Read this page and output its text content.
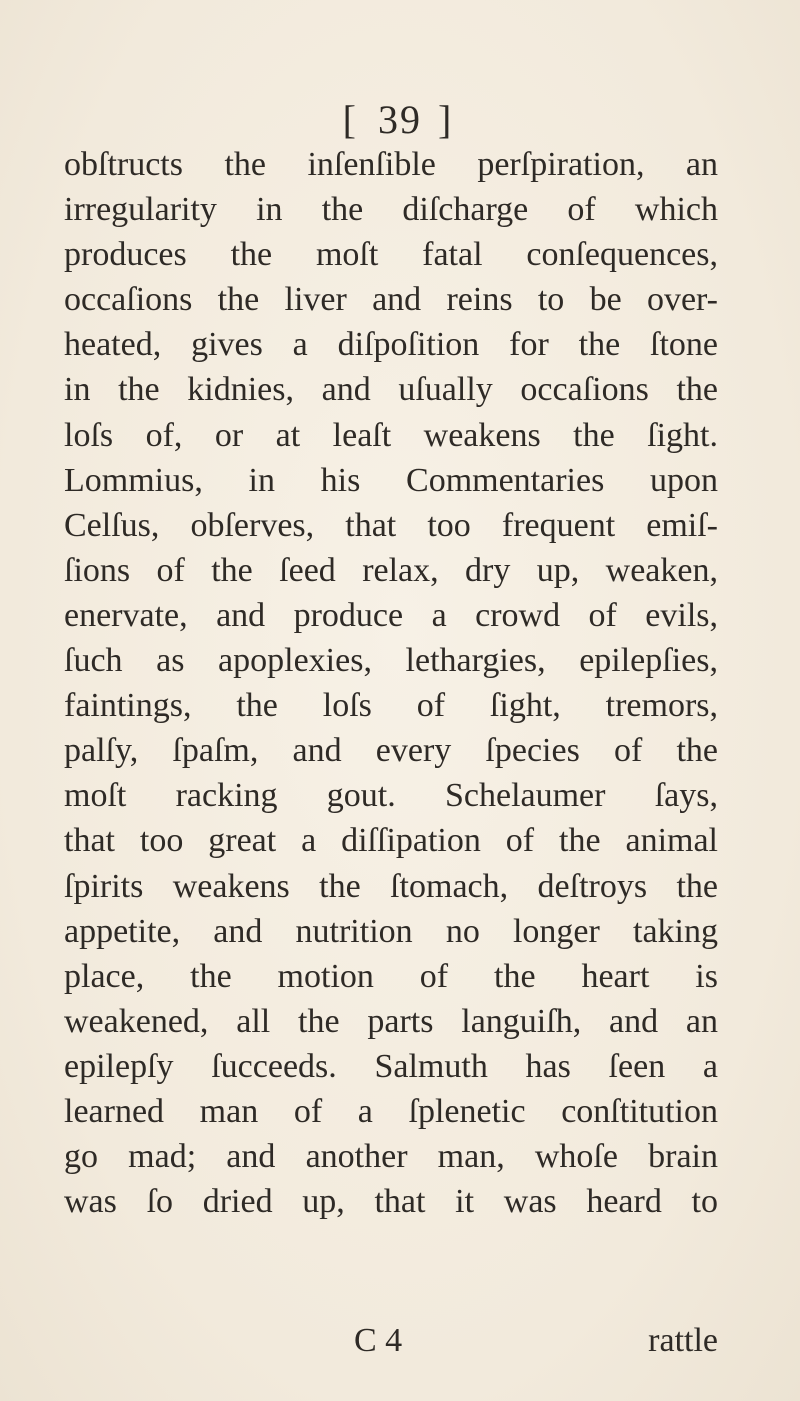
[ 39 ]
obſtructs the inſenſible perſpiration, an
irregularity in the diſcharge of which
produces the moſt fatal conſequences,
occaſions the liver and reins to be over-
heated, gives a diſpoſition for the ſtone
in the kidnies, and uſually occaſions the
loſs of, or at leaſt weakens the ſight.
Lommius, in his Commentaries upon
Celſus, obſerves, that too frequent emiſ-
ſions of the ſeed relax, dry up, weaken,
enervate, and produce a crowd of evils,
ſuch as apoplexies, lethargies, epilepſies,
faintings, the loſs of ſight, tremors,
palſy, ſpaſm, and every ſpecies of the
moſt racking gout. Schelaumer ſays,
that too great a diſſipation of the animal
ſpirits weakens the ſtomach, deſtroys the
appetite, and nutrition no longer taking
place, the motion of the heart is
weakened, all the parts languiſh, and an
epilepſy ſucceeds. Salmuth has ſeen a
learned man of a ſplenetic conſtitution
go mad; and another man, whoſe brain
was ſo dried up, that it was heard to
C 4	rattle
